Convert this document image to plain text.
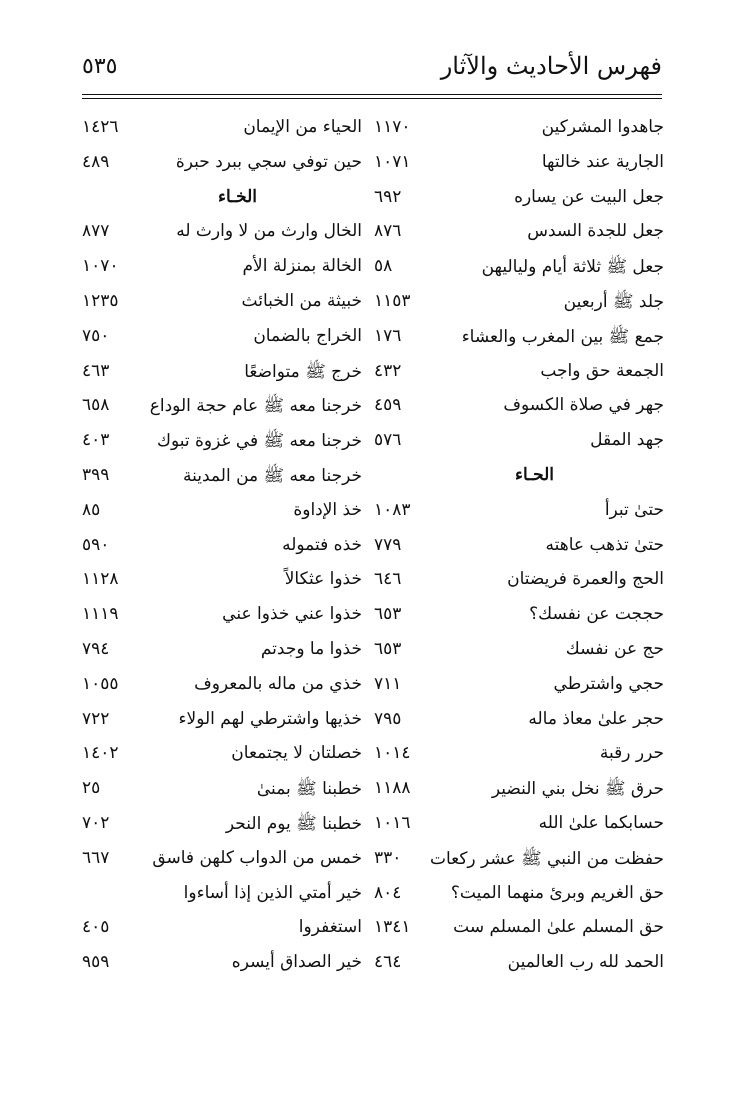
فهرس الأحاديث والآثار
٥٣٥
جاهدوا المشركين
١١٧٠
الجارية عند خالتها
١٠٧١
جعل البيت عن يساره
٦٩٢
جعل للجدة السدس
٨٧٦
جعل ﷺ ثلاثة أيام ولياليهن
٥٨
جلد ﷺ أربعين
١١٥٣
جمع ﷺ بين المغرب والعشاء
١٧٦
الجمعة حق واجب
٤٣٢
جهر في صلاة الكسوف
٤٥٩
جهد المقل
٥٧٦
الحـاء
حتىٰ تبرأ
١٠٨٣
حتىٰ تذهب عاهته
٧٧٩
الحج والعمرة فريضتان
٦٤٦
حججت عن نفسك؟
٦٥٣
حج عن نفسك
٦٥٣
حجي واشترطي
٧١١
حجر علىٰ معاذ ماله
٧٩٥
حرر رقبة
١٠١٤
حرق ﷺ نخل بني النضير
١١٨٨
حسابكما علىٰ الله
١٠١٦
حفظت من النبي ﷺ عشر ركعات
٣٣٠
حق الغريم وبرئ منهما الميت؟
٨٠٤
حق المسلم علىٰ المسلم ست
١٣٤١
الحمد لله رب العالمين
٤٦٤
الحياء من الإيمان
١٤٢٦
حين توفي سجي ببرد حبرة
٤٨٩
الخـاء
الخال وارث من لا وارث له
٨٧٧
الخالة بمنزلة الأم
١٠٧٠
خبيثة من الخبائث
١٢٣٥
الخراج بالضمان
٧٥٠
خرج ﷺ متواضعًا
٤٦٣
خرجنا معه ﷺ عام حجة الوداع
٦٥٨
خرجنا معه ﷺ في غزوة تبوك
٤٠٣
خرجنا معه ﷺ من المدينة
٣٩٩
خذ الإداوة
٨٥
خذه فتموله
٥٩٠
خذوا عثكالاً
١١٢٨
خذوا عني خذوا عني
١١١٩
خذوا ما وجدتم
٧٩٤
خذي من ماله بالمعروف
١٠٥٥
خذيها واشترطي لهم الولاء
٧٢٢
خصلتان لا يجتمعان
١٤٠٢
خطبنا ﷺ بمنىٰ
٢٥
خطبنا ﷺ يوم النحر
٧٠٢
خمس من الدواب كلهن فاسق
٦٦٧
خير أمتي الذين إذا أساءوا
استغفروا
٤٠٥
خير الصداق أيسره
٩٥٩
